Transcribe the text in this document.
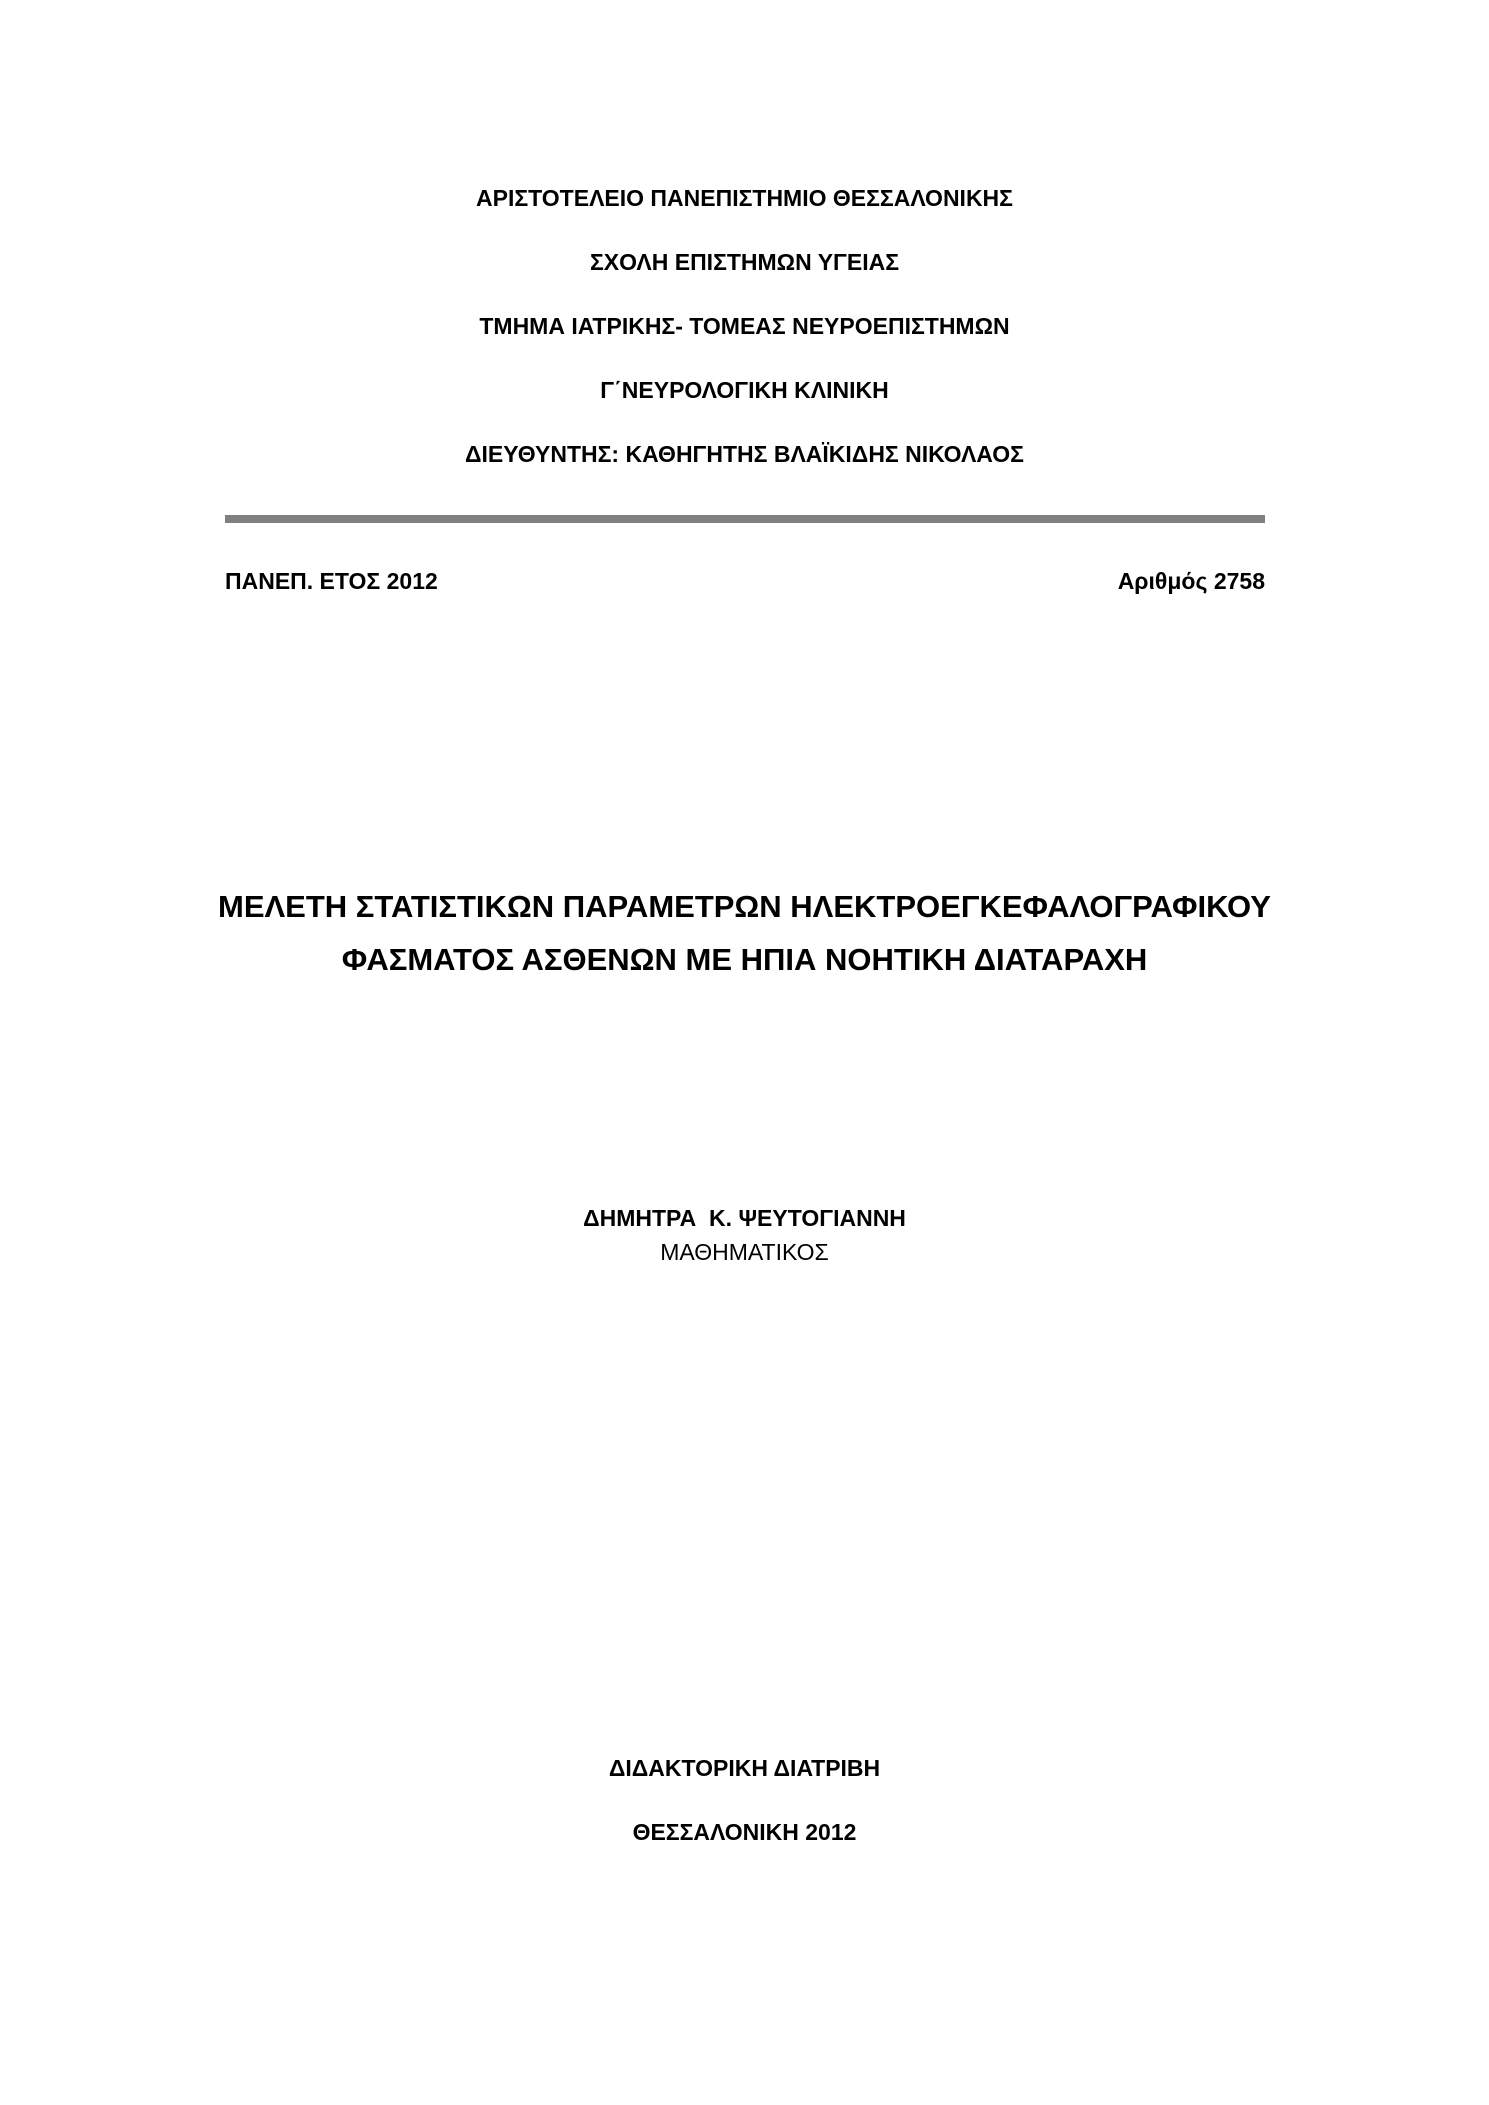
ΑΡΙΣΤΟΤΕΛΕΙΟ ΠΑΝΕΠΙΣΤΗΜΙΟ ΘΕΣΣΑΛΟΝΙΚΗΣ
ΣΧΟΛΗ ΕΠΙΣΤΗΜΩΝ ΥΓΕΙΑΣ
ΤΜΗΜΑ ΙΑΤΡΙΚΗΣ- ΤΟΜΕΑΣ ΝΕΥΡΟΕΠΙΣΤΗΜΩΝ
Γ΄ΝΕΥΡΟΛΟΓΙΚΗ ΚΛΙΝΙΚΗ
ΔΙΕΥΘΥΝΤΗΣ: ΚΑΘΗΓΗΤΗΣ ΒΛΑΪΚΙΔΗΣ ΝΙΚΟΛΑΟΣ
ΠΑΝΕΠ. ΕΤΟΣ 2012	Αριθμός 2758
ΜΕΛΕΤΗ ΣΤΑΤΙΣΤΙΚΩΝ ΠΑΡΑΜΕΤΡΩΝ ΗΛΕΚΤΡΟΕΓΚΕΦΑΛΟΓΡΑΦΙΚΟΥ
ΦΑΣΜΑΤΟΣ ΑΣΘΕΝΩΝ ΜΕ ΗΠΙΑ ΝΟΗΤΙΚΗ ΔΙΑΤΑΡΑΧΗ
ΔΗΜΗΤΡΑ  Κ. ΨΕΥΤΟΓΙΑΝΝΗ
ΜΑΘΗΜΑΤΙΚΟΣ
ΔΙΔΑΚΤΟΡΙΚΗ ΔΙΑΤΡΙΒΗ
ΘΕΣΣΑΛΟΝΙΚΗ 2012
